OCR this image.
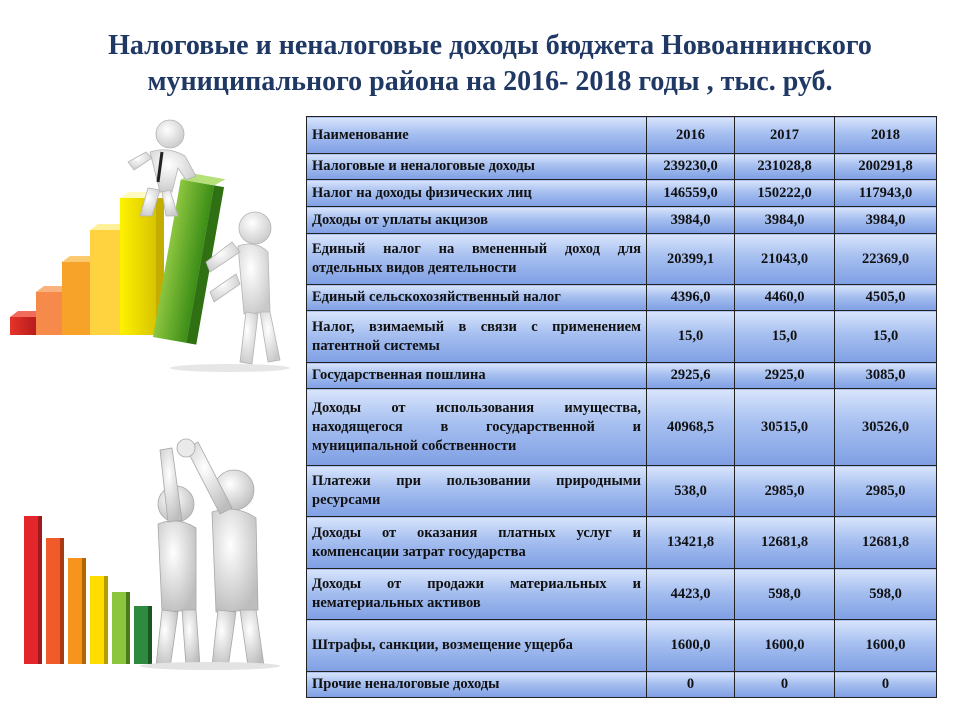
Налоговые и неналоговые доходы бюджета Новоаннинского
муниципального района на 2016- 2018 годы , тыс. руб.
Наименование	2016	2017	2018
Налоговые и неналоговые доходы	239230,0	231028,8	200291,8
Налог на доходы физических лиц	146559,0	150222,0	117943,0
Доходы от уплаты акцизов	3984,0	3984,0	3984,0
Единый налог на вмененный доход для отдельных видов деятельности	20399,1	21043,0	22369,0
Единый сельскохозяйственный налог	4396,0	4460,0	4505,0
Налог, взимаемый в связи с применением патентной системы	15,0	15,0	15,0
Государственная пошлина	2925,6	2925,0	3085,0
Доходы от использования имущества, находящегося в государственной и муниципальной собственности	40968,5	30515,0	30526,0
Платежи при пользовании природными ресурсами	538,0	2985,0	2985,0
Доходы от оказания платных услуг и компенсации затрат государства	13421,8	12681,8	12681,8
Доходы от продажи материальных и нематериальных активов	4423,0	598,0	598,0
Штрафы, санкции, возмещение ущерба	1600,0	1600,0	1600,0
Прочие неналоговые доходы	0	0	0
